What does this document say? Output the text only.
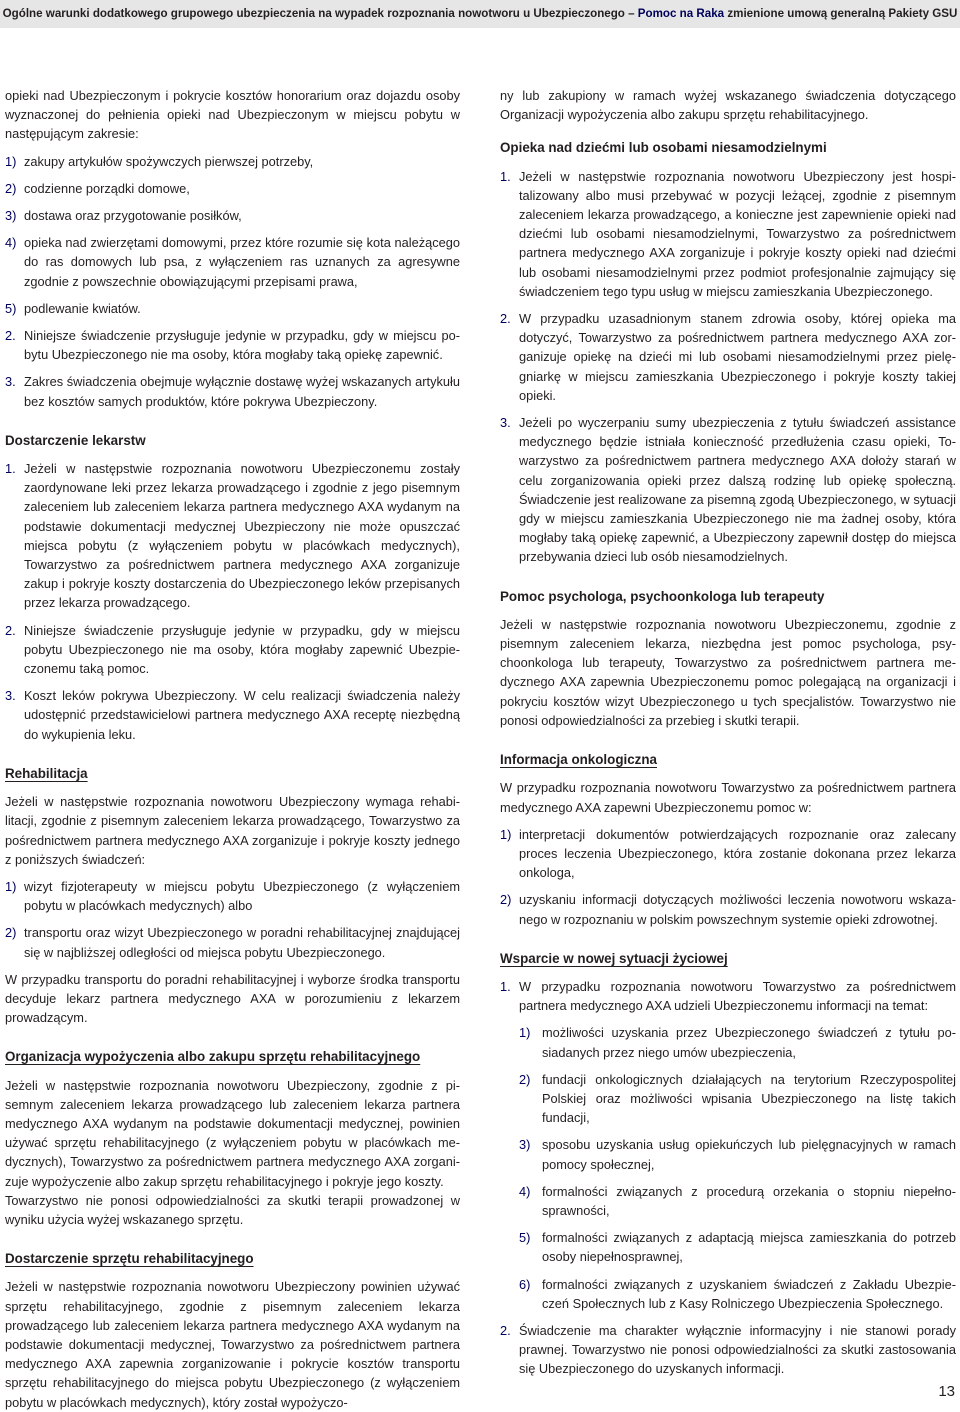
Ogólne warunki dodatkowego grupowego ubezpieczenia na wypadek rozpoznania nowotworu u Ubezpieczonego – Pomoc na Raka zmienione umową generalną Pakiety GSU

opieki nad Ubezpieczonym i pokrycie kosztów honorarium oraz dojazdu osoby wyznaczonej do pełnienia opieki nad Ubezpieczonym w miejscu pobytu w następującym zakresie:

1) zakupy artykułów spożywczych pierwszej potrzeby,
2) codzienne porządki domowe,
3) dostawa oraz przygotowanie posiłków,
4) opieka nad zwierzętami domowymi, przez które rozumie się kota należącego do ras domowych lub psa, z wyłączeniem ras uznanych za agresywne zgodnie z powszechnie obowiązującymi przepisami prawa,
5) podlewanie kwiatów.
2. Niniejsze świadczenie przysługuje jedynie w przypadku, gdy w miejscu pobytu Ubezpieczonego nie ma osoby, która mogłaby taką opiekę zapewnić.
3. Zakres świadczenia obejmuje wyłącznie dostawę wyżej wskazanych artykułu bez kosztów samych produktów, które pokrywa Ubezpieczony.
Dostarczenie lekarstw
1. Jeżeli w następstwie rozpoznania nowotworu Ubezpieczonemu zostały zaordynowane leki przez lekarza prowadzącego i zgodnie z jego pisemnym zaleceniem lub zaleceniem lekarza partnera medycznego AXA wydanym na podstawie dokumentacji medycznej Ubezpieczony nie może opuszczać miejsca pobytu (z wyłączeniem pobytu w placówkach medycznych), Towarzystwo za pośrednictwem partnera medycznego AXA zorganizuje zakup i pokryje koszty dostarczenia do Ubezpieczonego leków przepisanych przez lekarza prowadzącego.
2. Niniejsze świadczenie przysługuje jedynie w przypadku, gdy w miejscu pobytu Ubezpieczonego nie ma osoby, która mogłaby zapewnić Ubezpieczonemu taką pomoc.
3. Koszt leków pokrywa Ubezpieczony. W celu realizacji świadczenia należy udostępnić przedstawicielowi partnera medycznego AXA receptę niezbędną do wykupienia leku.
Rehabilitacja

Jeżeli w następstwie rozpoznania nowotworu Ubezpieczony wymaga rehabilitacji, zgodnie z pisemnym zaleceniem lekarza prowadzącego, Towarzystwo za pośrednictwem partnera medycznego AXA zorganizuje i pokryje koszty jednego z poniższych świadczeń:

1) wizyt fizjoterapeuty w miejscu pobytu Ubezpieczonego (z wyłączeniem pobytu w placówkach medycznych) albo
2) transportu oraz wizyt Ubezpieczonego w poradni rehabilitacyjnej znajdującej się w najbliższej odległości od miejsca pobytu Ubezpieczonego.

W przypadku transportu do poradni rehabilitacyjnej i wyborze środka transportu decyduje lekarz partnera medycznego AXA w porozumieniu z lekarzem prowadzącym.

Organizacja wypożyczenia albo zakupu sprzętu rehabilitacyjnego

Jeżeli w następstwie rozpoznania nowotworu Ubezpieczony, zgodnie z pisemnym zaleceniem lekarza prowadzącego lub zaleceniem lekarza partnera medycznego AXA wydanym na podstawie dokumentacji medycznej, powinien używać sprzętu rehabilitacyjnego (z wyłączeniem pobytu w placówkach medycznych), Towarzystwo za pośrednictwem partnera medycznego AXA zorganizuje wypożyczenie albo zakup sprzętu rehabilitacyjnego i pokryje jego koszty.

Towarzystwo nie ponosi odpowiedzialności za skutki terapii prowadzonej w wyniku użycia wyżej wskazanego sprzętu.

Dostarczenie sprzętu rehabilitacyjnego

Jeżeli w następstwie rozpoznania nowotworu Ubezpieczony powinien używać sprzętu rehabilitacyjnego, zgodnie z pisemnym zaleceniem lekarza prowadzącego lub zaleceniem lekarza partnera medycznego AXA wydanym na podstawie dokumentacji medycznej, Towarzystwo za pośrednictwem partnera medycznego AXA zapewnia zorganizowanie i pokrycie kosztów transportu sprzętu rehabilitacyjnego do miejsca pobytu Ubezpieczonego (z wyłączeniem pobytu w placówkach medycznych), który został wypożyczo-

ny lub zakupiony w ramach wyżej wskazanego świadczenia dotyczącego Organizacji wypożyczenia albo zakupu sprzętu rehabilitacyjnego.

Opieka nad dziećmi lub osobami niesamodzielnymi
1. Jeżeli w następstwie rozpoznania nowotworu Ubezpieczony jest hospitalizowany albo musi przebywać w pozycji leżącej, zgodnie z pisemnym zaleceniem lekarza prowadzącego, a konieczne jest zapewnienie opieki nad dziećmi lub osobami niesamodzielnymi, Towarzystwo za pośrednictwem partnera medycznego AXA zorganizuje i pokryje koszty opieki nad dziećmi lub osobami niesamodzielnymi przez podmiot profesjonalnie zajmujący się świadczeniem tego typu usług w miejscu zamieszkania Ubezpieczonego.
2. W przypadku uzasadnionym stanem zdrowia osoby, której opieka ma dotyczyć, Towarzystwo za pośrednictwem partnera medycznego AXA zorganizuje opiekę na dzieći mi lub osobami niesamodzielnymi przez pielęgniarkę w miejscu zamieszkania Ubezpieczonego i pokryje koszty takiej opieki.
3. Jeżeli po wyczerpaniu sumy ubezpieczenia z tytułu świadczeń assistance medycznego będzie istniała konieczność przedłużenia czasu opieki, Towarzystwo za pośrednictwem partnera medycznego AXA dołoży starań w celu zorganizowania opieki przez dalszą rodzinę lub opiekę społeczną. Świadczenie jest realizowane za pisemną zgodą Ubezpieczonego, w sytuacji gdy w miejscu zamieszkania Ubezpieczonego nie ma żadnej osoby, która mogłaby taką opiekę zapewnić, a Ubezpieczony zapewnił dostęp do miejsca przebywania dzieci lub osób niesamodzielnych.
Pomoc psychologa, psychoonkologa lub terapeuty

Jeżeli w następstwie rozpoznania nowotworu Ubezpieczonemu, zgodnie z pisemnym zaleceniem lekarza, niezbędna jest pomoc psychologa, psychoonkologa lub terapeuty, Towarzystwo za pośrednictwem partnera medycznego AXA zapewnia Ubezpieczonemu pomoc polegającą na organizacji i pokryciu kosztów wizyt Ubezpieczonego u tych specjalistów. Towarzystwo nie ponosi odpowiedzialności za przebieg i skutki terapii.

Informacja onkologiczna

W przypadku rozpoznania nowotworu Towarzystwo za pośrednictwem partnera medycznego AXA zapewni Ubezpieczonemu pomoc w:

1) interpretacji dokumentów potwierdzających rozpoznanie oraz zalecany proces leczenia Ubezpieczonego, która zostanie dokonana przez lekarza onkologa,
2) uzyskaniu informacji dotyczących możliwości leczenia nowotworu wskazanego w rozpoznaniu w polskim powszechnym systemie opieki zdrowotnej.
Wsparcie w nowej sytuacji życiowej
1. W przypadku rozpoznania nowotworu Towarzystwo za pośrednictwem partnera medycznego AXA udzieli Ubezpieczonemu informacji na temat:
1) możliwości uzyskania przez Ubezpieczonego świadczeń z tytułu posiadanych przez niego umów ubezpieczenia,
2) fundacji onkologicznych działających na terytorium Rzeczypospolitej Polskiej oraz możliwości wpisania Ubezpieczonego na listę takich fundacji,
3) sposobu uzyskania usług opiekuńczych lub pielęgnacyjnych w ramach pomocy społecznej,
4) formalności związanych z procedurą orzekania o stopniu niepełnosprawności,
5) formalności związanych z adaptacją miejsca zamieszkania do potrzeb osoby niepełnosprawnej,
6) formalności związanych z uzyskaniem świadczeń z Zakładu Ubezpieczeń Społecznych lub z Kasy Rolniczego Ubezpieczenia Społecznego.
2. Świadczenie ma charakter wyłącznie informacyjny i nie stanowi porady prawnej. Towarzystwo nie ponosi odpowiedzialności za skutki zastosowania się Ubezpieczonego do uzyskanych informacji.
13
